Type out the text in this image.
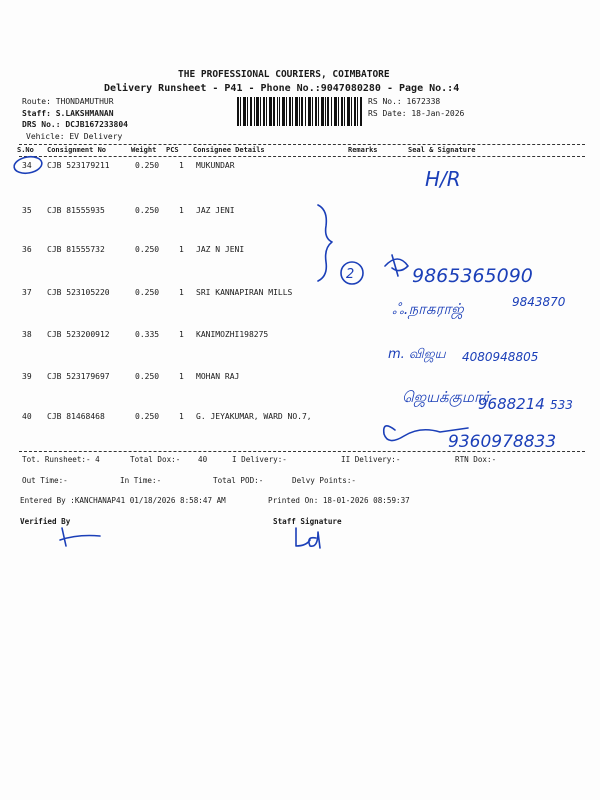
THE PROFESSIONAL COURIERS, COIMBATORE
Delivery Runsheet - P41 - Phone No.:9047080280 - Page No.:4
Route: THONDAMUTHUR
Staff: S.LAKSHMANAN
DRS No.: DCJB167233804
Vehicle: EV Delivery
RS No.: 1672338
RS Date: 18-Jan-2026
S.No Consignment No	Weight PCS Consignee Details	Remarks	Seal & Signature
34 CJB 523179211	0.250 1 MUKUNDAR
35 CJB 81555935	0.250 1 JAZ JENI
36 CJB 81555732	0.250 1 JAZ N JENI
37 CJB 523105220	0.250 1 SRI KANNAPIRAN MILLS
38 CJB 523200912	0.335 1 KANIMOZHI198275
39 CJB 523179697	0.250 1 MOHAN RAJ
40 CJB 81468468	0.250 1 G. JEYAKUMAR, WARD NO.7,
Tot. Runsheet:- 4	Total Dox:- 40	I Delivery:-	II Delivery:-	RTN Dox:-
Out Time:-	In Time:-	Total POD:-	Delvy Points:-
Entered By :KANCHANAP41 01/18/2026 8:58:47 AM	Printed On: 18-01-2026 08:59:37
Verified By	Staff Signature
H/R
2	9865365090
ஃ.நாகராஜ்	9843870
m. விஜய 4080948805
ஜெயக்குமார்
9688214 533
9360978833
